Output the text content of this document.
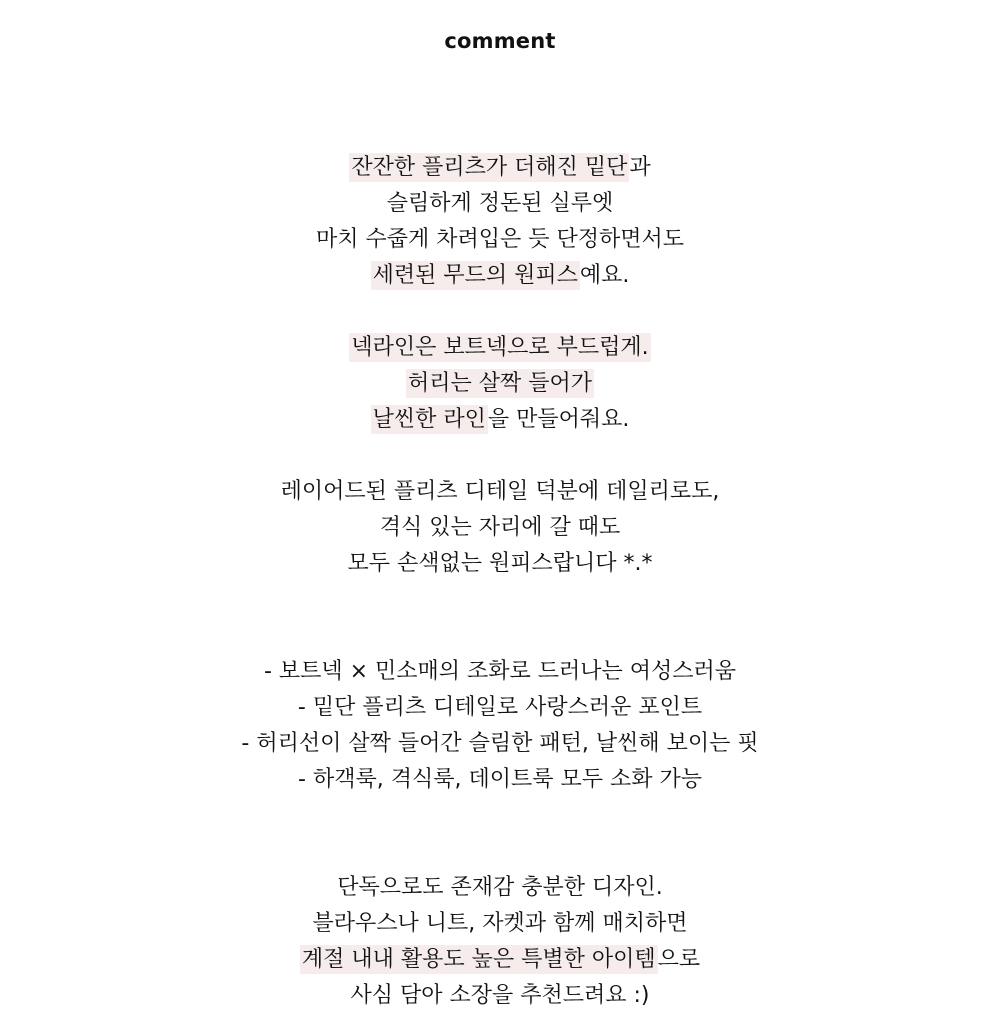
comment
잔잔한 플리츠가 더해진 밑단과
슬림하게 정돈된 실루엣
마치 수줍게 차려입은 듯 단정하면서도
세련된 무드의 원피스예요.
넥라인은 보트넥으로 부드럽게.
허리는 살짝 들어가
날씬한 라인을 만들어줘요.
레이어드된 플리츠 디테일 덕분에 데일리로도,
격식 있는 자리에 갈 때도
모두 손색없는 원피스랍니다 *.*
- 보트넥 × 민소매의 조화로 드러나는 여성스러움
- 밑단 플리츠 디테일로 사랑스러운 포인트
- 허리선이 살짝 들어간 슬림한 패턴, 날씬해 보이는 핏
- 하객룩, 격식룩, 데이트룩 모두 소화 가능
단독으로도 존재감 충분한 디자인.
블라우스나 니트, 자켓과 함께 매치하면
계절 내내 활용도 높은 특별한 아이템으로
사심 담아 소장을 추천드려요 :)
